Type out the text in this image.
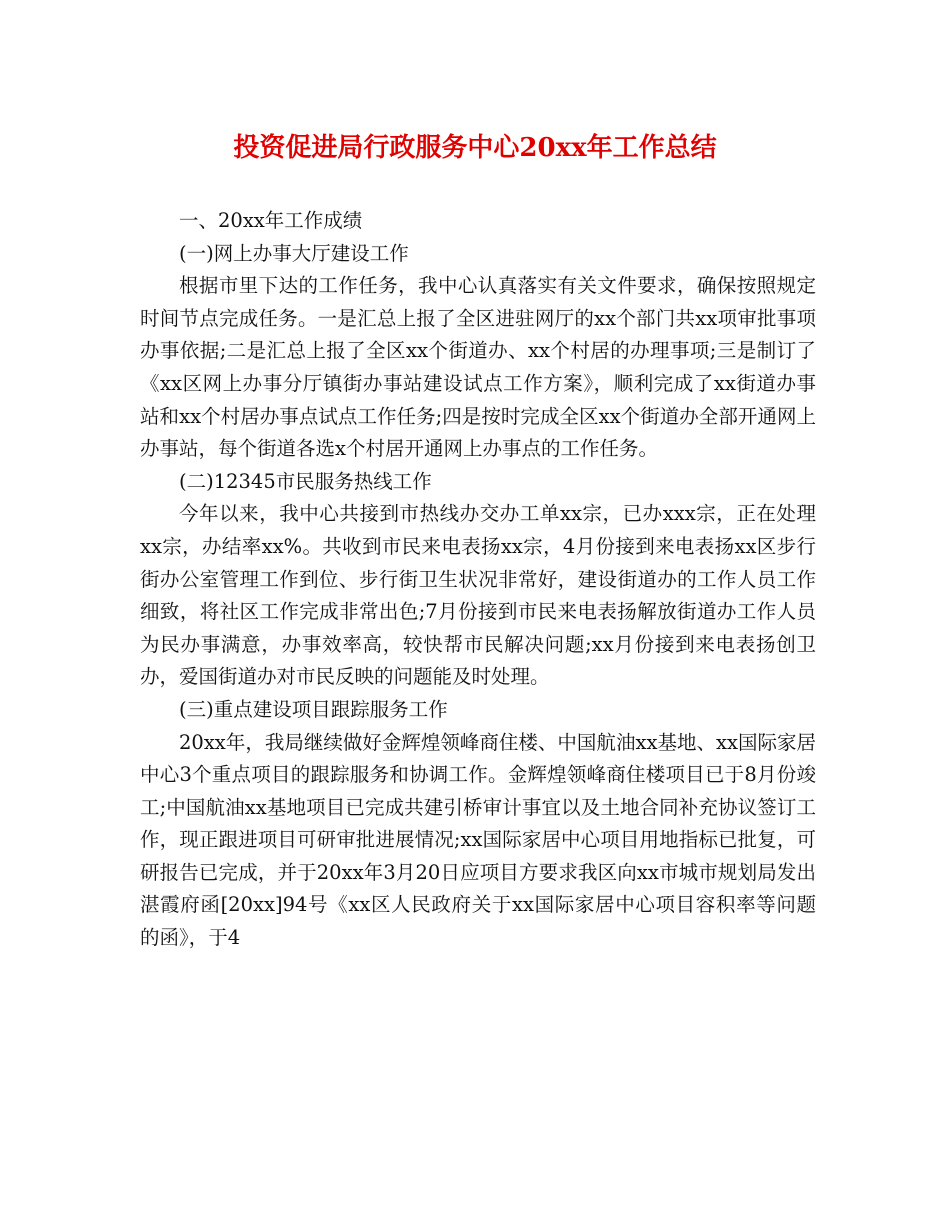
投资促进局行政服务中心20xx年工作总结
一、20xx年工作成绩
(一)网上办事大厅建设工作

根据市里下达的工作任务，我中心认真落实有关文件要求，确保按照规定时间节点完成任务。一是汇总上报了全区进驻网厅的xx个部门共xx项审批事项办事依据;二是汇总上报了全区xx个街道办、xx个村居的办理事项;三是制订了《xx区网上办事分厅镇街办事站建设试点工作方案》，顺利完成了xx街道办事站和xx个村居办事点试点工作任务;四是按时完成全区xx个街道办全部开通网上办事站，每个街道各选x个村居开通网上办事点的工作任务。

(二)12345市民服务热线工作

今年以来，我中心共接到市热线办交办工单xx宗，已办xxx宗，正在处理xx宗，办结率xx%。共收到市民来电表扬xx宗，4月份接到来电表扬xx区步行街办公室管理工作到位、步行街卫生状况非常好，建设街道办的工作人员工作细致，将社区工作完成非常出色;7月份接到市民来电表扬解放街道办工作人员为民办事满意，办事效率高，较快帮市民解决问题;xx月份接到来电表扬创卫办，爱国街道办对市民反映的问题能及时处理。

(三)重点建设项目跟踪服务工作

20xx年，我局继续做好金辉煌领峰商住楼、中国航油xx基地、xx国际家居中心3个重点项目的跟踪服务和协调工作。金辉煌领峰商住楼项目已于8月份竣工;中国航油xx基地项目已完成共建引桥审计事宜以及土地合同补充协议签订工作，现正跟进项目可研审批进展情况;xx国际家居中心项目用地指标已批复，可研报告已完成，并于20xx年3月20日应项目方要求我区向xx市城市规划局发出湛霞府函[20xx]94号《xx区人民政府关于xx国际家居中心项目容积率等问题的函》，于4
